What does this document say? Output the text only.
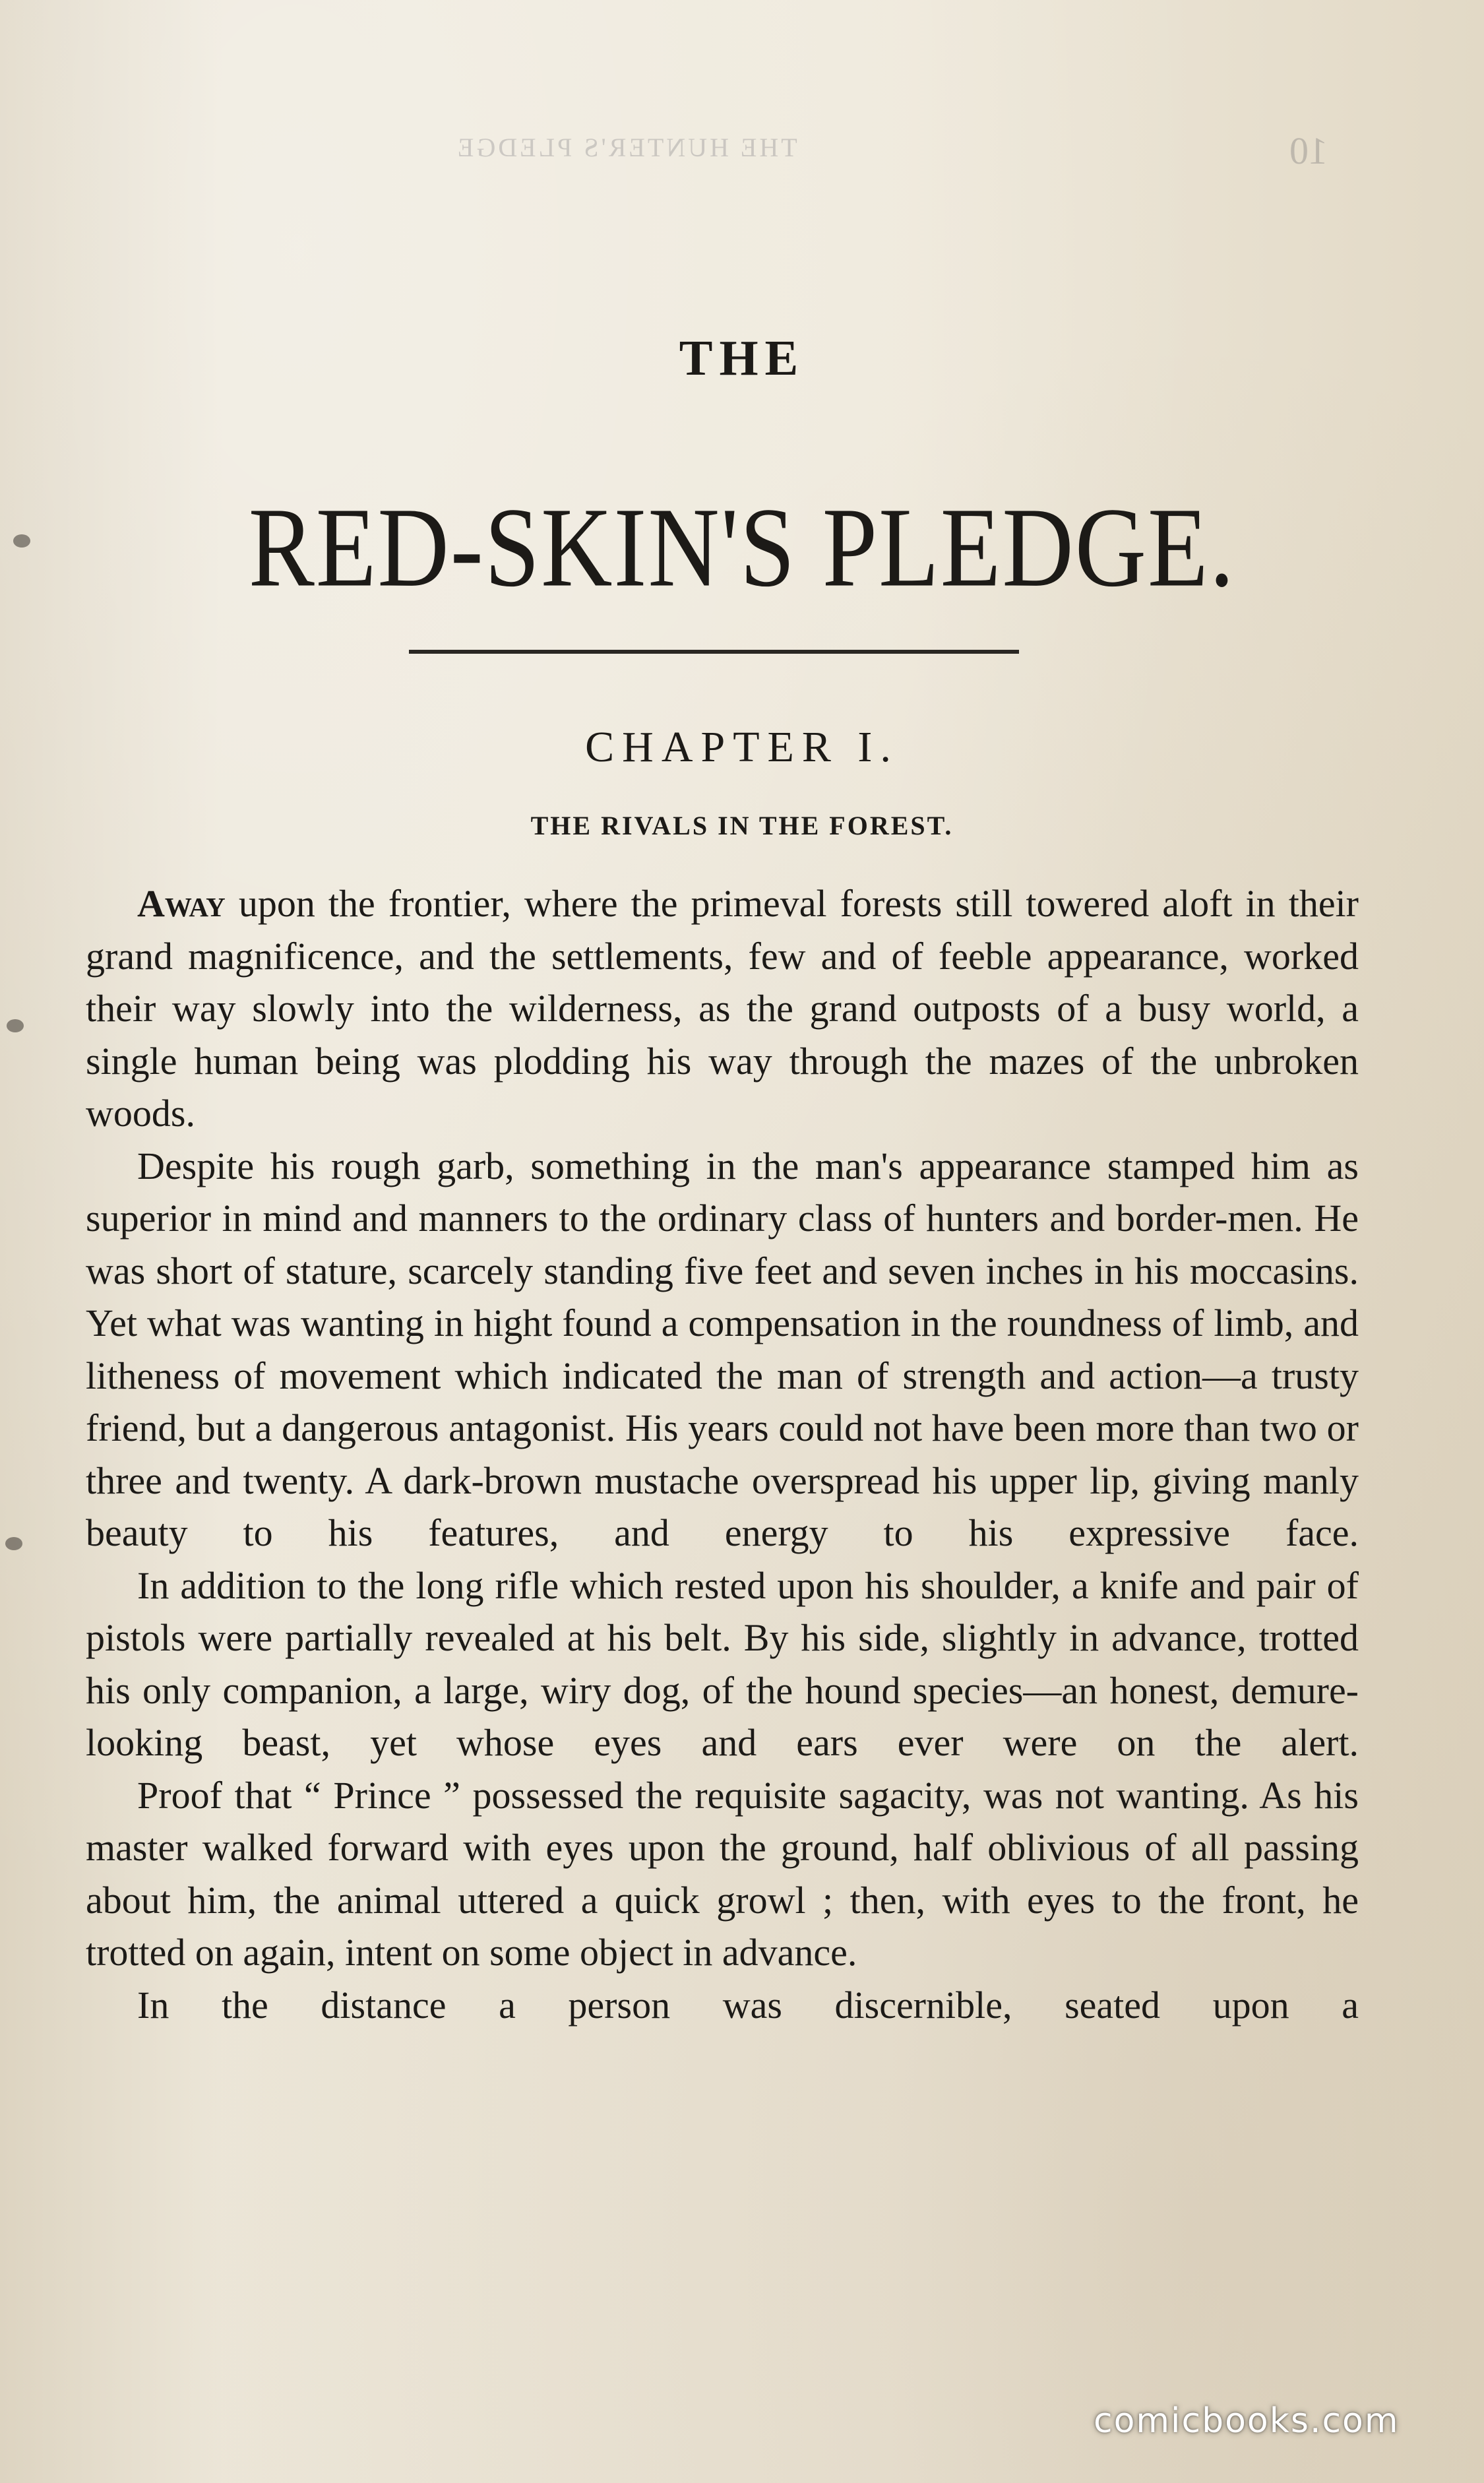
THE HUNTER'S PLEDGE	10
THE
RED-SKIN'S PLEDGE.
CHAPTER I.
THE RIVALS IN THE FOREST.

Away upon the frontier, where the primeval forests still towered aloft in their grand magnificence, and the settlements, few and of feeble appearance, worked their way slowly into the wilderness, as the grand outposts of a busy world, a single human being was plodding his way through the mazes of the unbroken woods.

Despite his rough garb, something in the man's appearance stamped him as superior in mind and manners to the ordinary class of hunters and border-men. He was short of stature, scarcely standing five feet and seven inches in his moccasins. Yet what was wanting in hight found a compensation in the roundness of limb, and litheness of movement which indicated the man of strength and action—a trusty friend, but a dangerous antagonist. His years could not have been more than two or three and twenty. A dark-brown mustache overspread his upper lip, giving manly beauty to his features, and energy to his expressive face.

In addition to the long rifle which rested upon his shoulder, a knife and pair of pistols were partially revealed at his belt. By his side, slightly in advance, trotted his only companion, a large, wiry dog, of the hound species—an honest, demure-looking beast, yet whose eyes and ears ever were on the alert.

Proof that “ Prince ” possessed the requisite sagacity, was not wanting. As his master walked forward with eyes upon the ground, half oblivious of all passing about him, the animal uttered a quick growl ; then, with eyes to the front, he trotted on again, intent on some object in advance.

In the distance a person was discernible, seated upon a

comicbooks.com
